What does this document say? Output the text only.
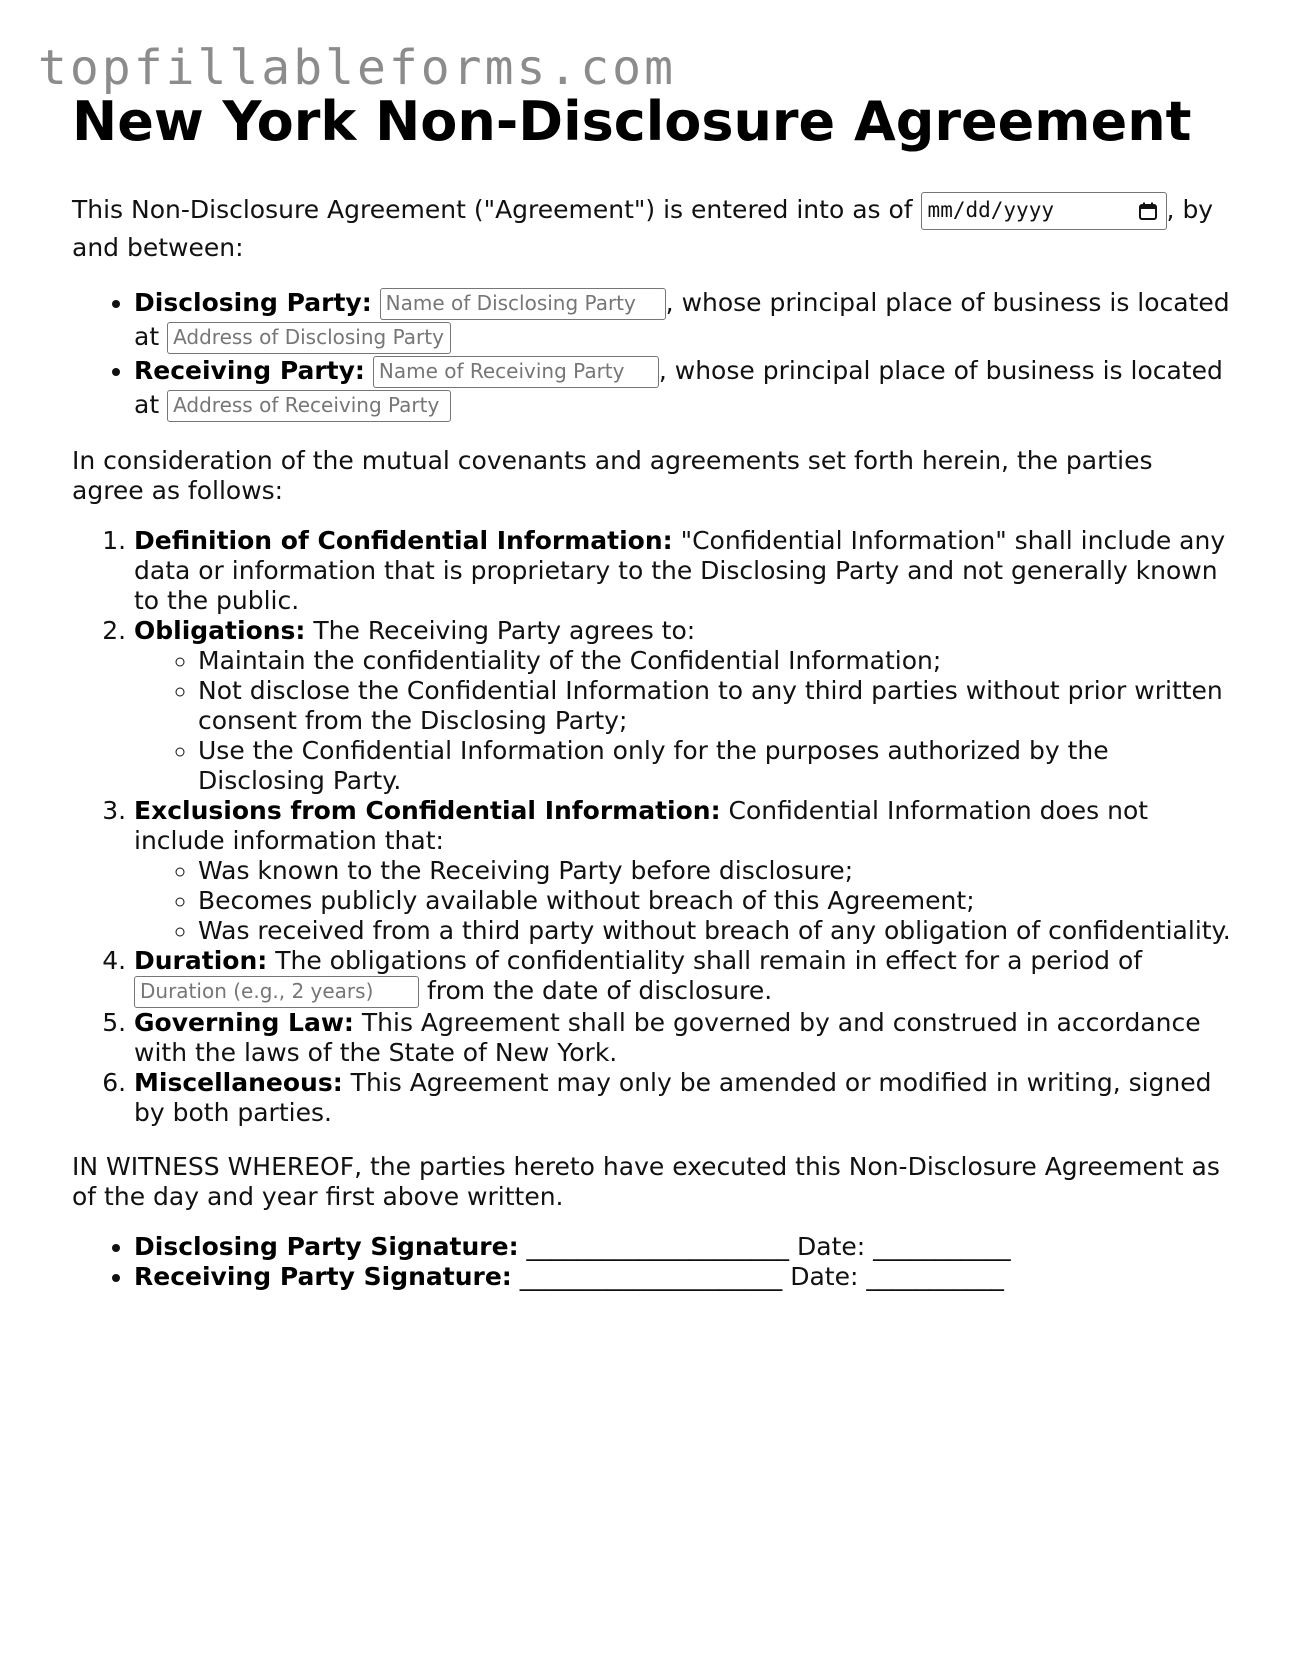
topfillableforms.com
New York Non-Disclosure Agreement

This Non-Disclosure Agreement ("Agreement") is entered into as of mm/dd/yyyy	, by and between:

• Disclosing Party: Name of Disclosing Party , whose principal place of business is located at Address of Disclosing Party
• Receiving Party: Name of Receiving Party , whose principal place of business is located at Address of Receiving Party

In consideration of the mutual covenants and agreements set forth herein, the parties agree as follows:

1. Definition of Confidential Information: "Confidential Information" shall include any data or information that is proprietary to the Disclosing Party and not generally known to the public.
2. Obligations: The Receiving Party agrees to:
◦ Maintain the confidentiality of the Confidential Information;
◦ Not disclose the Confidential Information to any third parties without prior written consent from the Disclosing Party;
◦ Use the Confidential Information only for the purposes authorized by the Disclosing Party.
3. Exclusions from Confidential Information: Confidential Information does not include information that:
◦ Was known to the Receiving Party before disclosure;
◦ Becomes publicly available without breach of this Agreement;
◦ Was received from a third party without breach of any obligation of confidentiality.
4. Duration: The obligations of confidentiality shall remain in effect for a period of Duration (e.g., 2 years) from the date of disclosure.
5. Governing Law: This Agreement shall be governed by and construed in accordance with the laws of the State of New York.
6. Miscellaneous: This Agreement may only be amended or modified in writing, signed by both parties.

IN WITNESS WHEREOF, the parties hereto have executed this Non-Disclosure Agreement as of the day and year first above written.

• Disclosing Party Signature: _____________________ Date: ___________
• Receiving Party Signature: _____________________ Date: ___________
